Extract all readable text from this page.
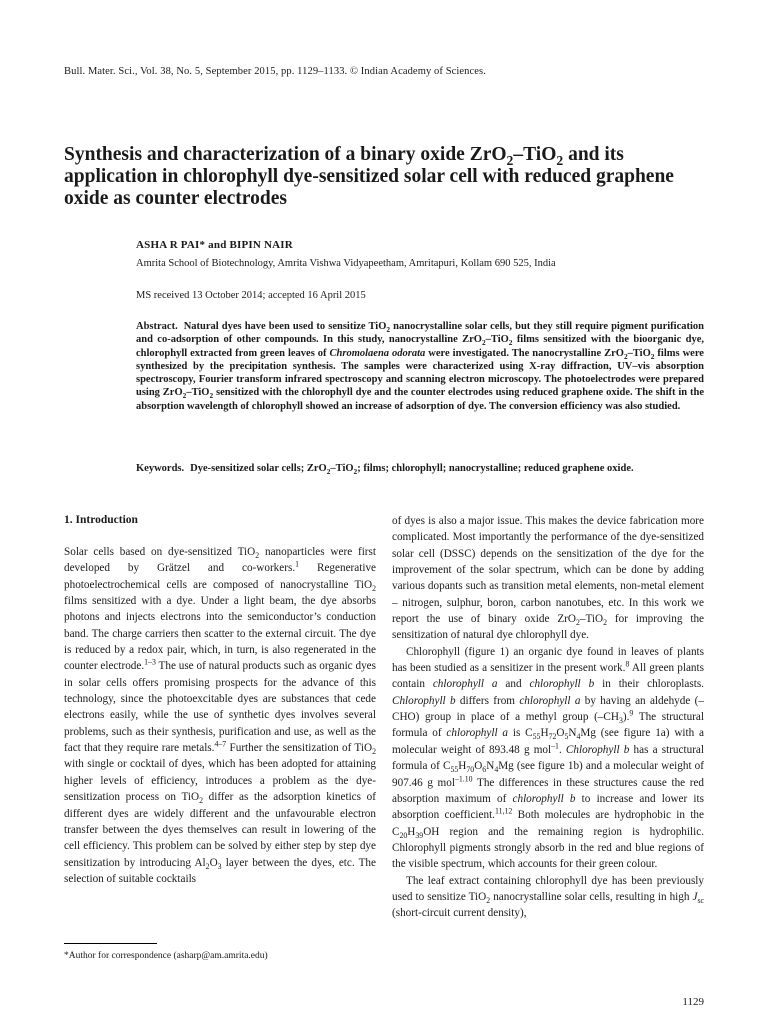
Bull. Mater. Sci., Vol. 38, No. 5, September 2015, pp. 1129–1133. © Indian Academy of Sciences.
Synthesis and characterization of a binary oxide ZrO$_2$–TiO$_2$ and its application in chlorophyll dye-sensitized solar cell with reduced graphene oxide as counter electrodes
ASHA R PAI* and BIPIN NAIR
Amrita School of Biotechnology, Amrita Vishwa Vidyapeetham, Amritapuri, Kollam 690 525, India
MS received 13 October 2014; accepted 16 April 2015
Abstract. Natural dyes have been used to sensitize TiO$_2$ nanocrystalline solar cells, but they still require pigment purification and co-adsorption of other compounds. In this study, nanocrystalline ZrO$_2$–TiO$_2$ films sensitized with the bioorganic dye, chlorophyll extracted from green leaves of Chromolaena odorata were investigated. The nanocrystalline ZrO$_2$–TiO$_2$ films were synthesized by the precipitation synthesis. The samples were characterized using X-ray diffraction, UV–vis absorption spectroscopy, Fourier transform infrared spectroscopy and scanning electron microscopy. The photoelectrodes were prepared using ZrO$_2$–TiO$_2$ sensitized with the chlorophyll dye and the counter electrodes using reduced graphene oxide. The shift in the absorption wavelength of chlorophyll showed an increase of adsorption of dye. The conversion efficiency was also studied.
Keywords. Dye-sensitized solar cells; ZrO$_2$–TiO$_2$; films; chlorophyll; nanocrystalline; reduced graphene oxide.
1. Introduction

Solar cells based on dye-sensitized TiO$_2$ nanoparticles were first developed by Grätzel and co-workers.$^1$ Regenerative photoelectrochemical cells are composed of nanocrystalline TiO$_2$ films sensitized with a dye. Under a light beam, the dye absorbs photons and injects electrons into the semiconductor’s conduction band. The charge carriers then scatter to the external circuit. The dye is reduced by a redox pair, which, in turn, is also regenerated in the counter electrode.$^{1-3}$ The use of natural products such as organic dyes in solar cells offers promising prospects for the advance of this technology, since the photoexcitable dyes are substances that cede electrons easily, while the use of synthetic dyes involves several problems, such as their synthesis, purification and use, as well as the fact that they require rare metals.$^{4-7}$ Further the sensitization of TiO$_2$ with single or cocktail of dyes, which has been adopted for attaining higher levels of efficiency, introduces a problem as the dye-sensitization process on TiO$_2$ differ as the adsorption kinetics of different dyes are widely different and the unfavourable electron transfer between the dyes themselves can result in lowering of the cell efficiency. This problem can be solved by either step by step dye sensitization by introducing $Al_2O_3$ layer between the dyes, etc. The selection of suitable cocktails

of dyes is also a major issue. This makes the device fabrication more complicated. Most importantly the performance of the dye-sensitized solar cell (DSSC) depends on the sensitization of the dye for the improvement of the solar spectrum, which can be done by adding various dopants such as transition metal elements, non-metal element – nitrogen, sulphur, boron, carbon nanotubes, etc. In this work we report the use of binary oxide ZrO$_2$–TiO$_2$ for improving the sensitization of natural dye chlorophyll dye.

Chlorophyll (figure 1) an organic dye found in leaves of plants has been studied as a sensitizer in the present work.$^8$ All green plants contain chlorophyll a and chlorophyll b in their chloroplasts. Chlorophyll b differs from chlorophyll a by having an aldehyde (–CHO) group in place of a methyl group $(-CH_3).^9$ The structural formula of chlorophyll a is $C_{55}H_{72}O_5N_4Mg$ (see figure 1a) with a molecular weight of 893.48 g mol$^{-1}$. Chlorophyll b has a structural formula of $C_{55}H_{70}O_6N_4Mg$ (see figure 1b) and a molecular weight of 907.46 g mol$^{-1.10}$ The differences in these structures cause the red absorption maximum of chlorophyll b to increase and lower its absorption coefficient.$^{11,12}$ Both molecules are hydrophobic in the $C_{20}H_{39}OH$ region and the remaining region is hydrophilic. Chlorophyll pigments strongly absorb in the red and blue regions of the visible spectrum, which accounts for their green colour.

The leaf extract containing chlorophyll dye has been previously used to sensitize TiO$_2$ nanocrystalline solar cells, resulting in high $J_{sc}$ (short-circuit current density),

*Author for correspondence (asharp@am.amrita.edu)
1129
